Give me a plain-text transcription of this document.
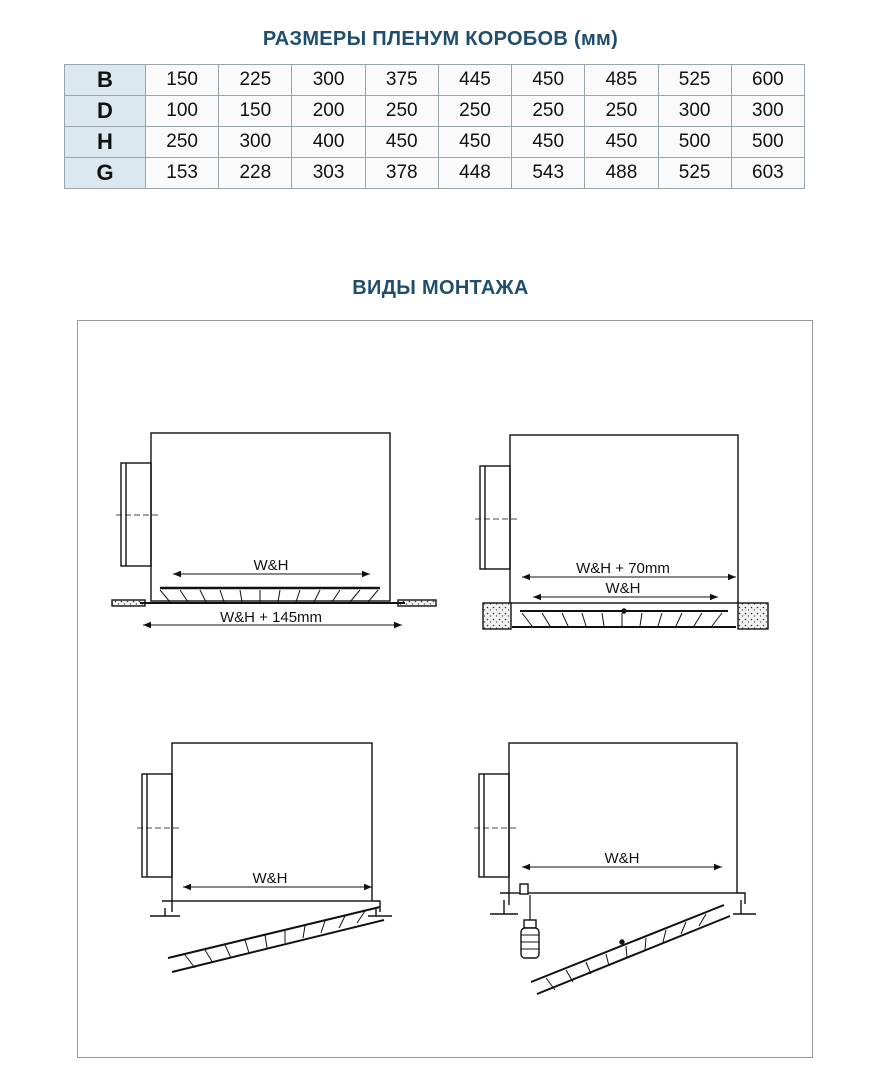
РАЗМЕРЫ ПЛЕНУМ КОРОБОВ (мм)
B	150	225	300	375	445	450	485	525	600
D	100	150	200	250	250	250	250	300	300
H	250	300	400	450	450	450	450	500	500
G	153	228	303	378	448	543	488	525	603
ВИДЫ МОНТАЖА
W&H
W&H + 145mm
W&H + 70mm
W&H
W&H
W&H
